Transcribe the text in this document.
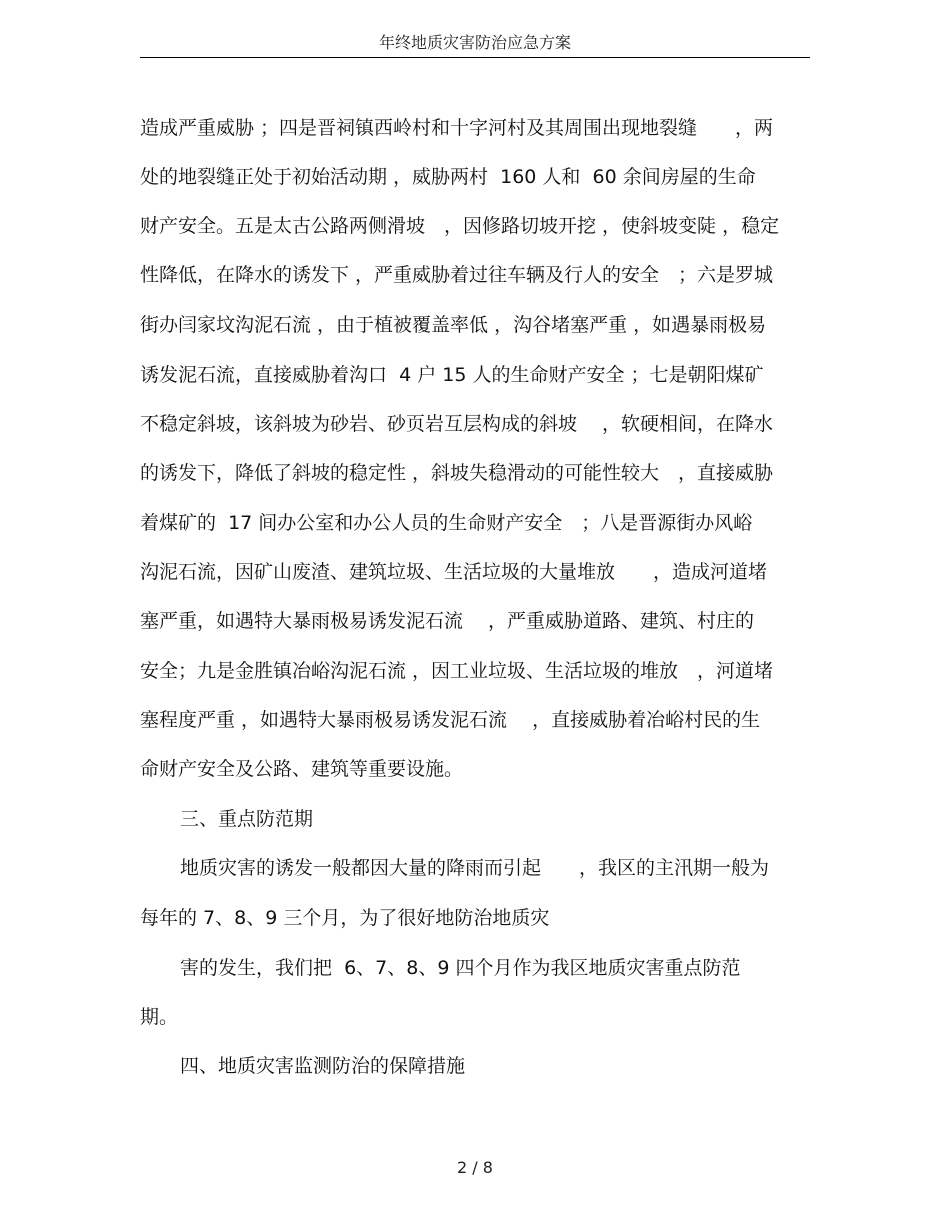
年终地质灾害防治应急方案
造成严重威胁 ；四是晋祠镇西岭村和十字河村及其周围出现地裂缝　　，两
处的地裂缝正处于初始活动期 ，威胁两村  160 人和  60 余间房屋的生命
财产安全。五是太古公路两侧滑坡　，因修路切坡开挖 ，使斜坡变陡 ，稳定
性降低，在降水的诱发下 ，严重威胁着过往车辆及行人的安全　；六是罗城
街办闫家坟沟泥石流 ，由于植被覆盖率低 ，沟谷堵塞严重 ，如遇暴雨极易
诱发泥石流，直接威胁着沟口  4 户 15 人的生命财产安全 ；七是朝阳煤矿
不稳定斜坡，该斜坡为砂岩、砂页岩互层构成的斜坡　 ，软硬相间，在降水
的诱发下，降低了斜坡的稳定性 ，斜坡失稳滑动的可能性较大　，直接威胁
着煤矿的  17 间办公室和办公人员的生命财产安全　；八是晋源街办风峪
沟泥石流，因矿山废渣、建筑垃圾、生活垃圾的大量堆放　　，造成河道堵
塞严重，如遇特大暴雨极易诱发泥石流　 ，严重威胁道路、建筑、村庄的
安全；九是金胜镇冶峪沟泥石流 ，因工业垃圾、生活垃圾的堆放　，河道堵
塞程度严重 ，如遇特大暴雨极易诱发泥石流　 ，直接威胁着冶峪村民的生
命财产安全及公路、建筑等重要设施。
三、重点防范期
地质灾害的诱发一般都因大量的降雨而引起　　，我区的主汛期一般为
每年的 7、8、9 三个月，为了很好地防治地质灾
害的发生，我们把  6、7、8、9 四个月作为我区地质灾害重点防范
期。
四、地质灾害监测防治的保障措施
2 / 8
